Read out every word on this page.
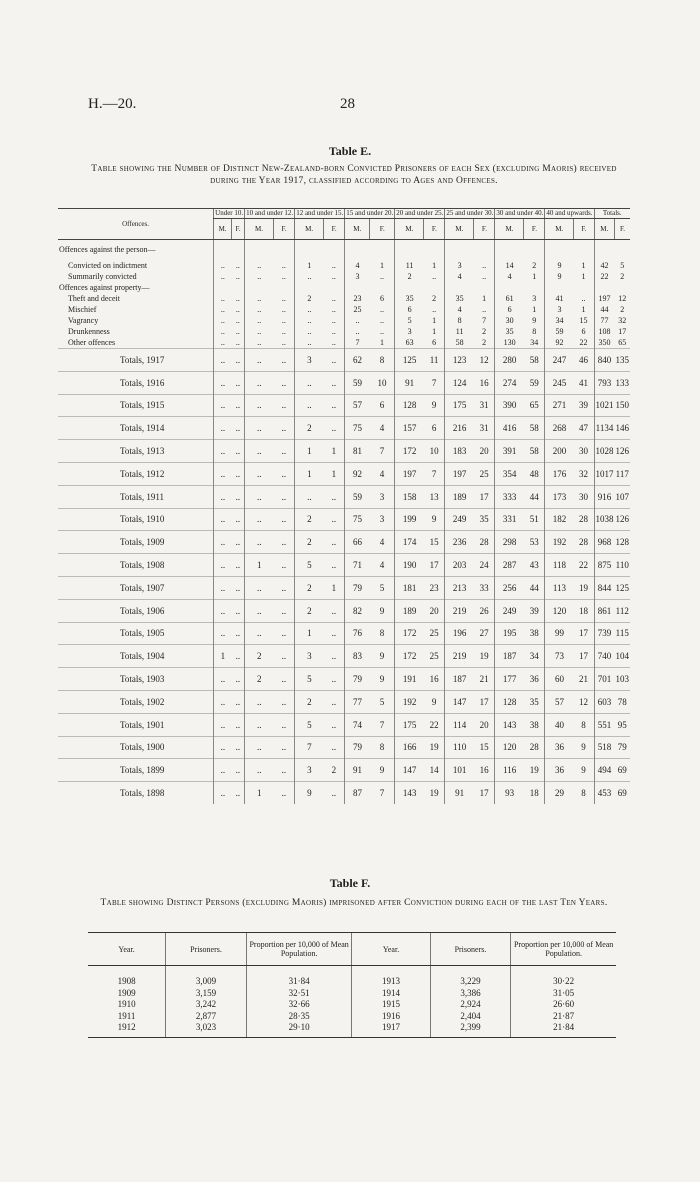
H.—20.	28
Table E.
Table showing the Number of Distinct New-Zealand-born Convicted Prisoners of each Sex (excluding Maoris) received during the Year 1917, classified according to Ages and Offences.
Offences.	Under 10.		10 and under 12.		12 and under 15.		15 and under 20.		20 and under 25.		25 and under 30.		30 and under 40.		40 and upwards.		Totals.	
	M.	F.	M.	F.	M.	F.	M.	F.	M.	F.	M.	F.	M.	F.	M.	F.	M.	F.
Offences against the person—																		
Convicted on indictment	..	..	..	..	1	..	4	1	11	1	3	..	14	2	9	1	42	5
Summarily convicted	..	..	..	..	..	..	3	..	2	..	4	..	4	1	9	1	22	2
Offences against property—																		
Theft and deceit	..	..	..	..	2	..	23	6	35	2	35	1	61	3	41	..	197	12
Mischief	..	..	..	..	..	..	25	..	6	..	4	..	6	1	3	1	44	2
Vagrancy	..	..	..	..	..	..	..	..	5	1	8	7	30	9	34	15	77	32
Drunkenness	..	..	..	..	..	..	..	..	3	1	11	2	35	8	59	6	108	17
Other offences	..	..	..	..	..	..	7	1	63	6	58	2	130	34	92	22	350	65
Totals, 1917	..	..	..	..	3	..	62	8	125	11	123	12	280	58	247	46	840	135
Totals, 1916	..	..	..	..	..	..	59	10	91	7	124	16	274	59	245	41	793	133
Totals, 1915	..	..	..	..	..	..	57	6	128	9	175	31	390	65	271	39	1021	150
Totals, 1914	..	..	..	..	2	..	75	4	157	6	216	31	416	58	268	47	1134	146
Totals, 1913	..	..	..	..	1	1	81	7	172	10	183	20	391	58	200	30	1028	126
Totals, 1912	..	..	..	..	1	1	92	4	197	7	197	25	354	48	176	32	1017	117
Totals, 1911	..	..	..	..	..	..	59	3	158	13	189	17	333	44	173	30	916	107
Totals, 1910	..	..	..	..	2	..	75	3	199	9	249	35	331	51	182	28	1038	126
Totals, 1909	..	..	..	..	2	..	66	4	174	15	236	28	298	53	192	28	968	128
Totals, 1908	..	..	1	..	5	..	71	4	190	17	203	24	287	43	118	22	875	110
Totals, 1907	..	..	..	..	2	1	79	5	181	23	213	33	256	44	113	19	844	125
Totals, 1906	..	..	..	..	2	..	82	9	189	20	219	26	249	39	120	18	861	112
Totals, 1905	..	..	..	..	1	..	76	8	172	25	196	27	195	38	99	17	739	115
Totals, 1904	1	..	2	..	3	..	83	9	172	25	219	19	187	34	73	17	740	104
Totals, 1903	..	..	2	..	5	..	79	9	191	16	187	21	177	36	60	21	701	103
Totals, 1902	..	..	..	..	2	..	77	5	192	9	147	17	128	35	57	12	603	78
Totals, 1901	..	..	..	..	5	..	74	7	175	22	114	20	143	38	40	8	551	95
Totals, 1900	..	..	..	..	7	..	79	8	166	19	110	15	120	28	36	9	518	79
Totals, 1899	..	..	..	..	3	2	91	9	147	14	101	16	116	19	36	9	494	69
Totals, 1898	..	..	1	..	9	..	87	7	143	19	91	17	93	18	29	8	453	69
Table F.
Table showing Distinct Persons (excluding Maoris) imprisoned after Conviction during each of the last Ten Years.
Year.	Prisoners.	Proportion per 10,000 of Mean Population.	Year.	Prisoners.	Proportion per 10,000 of Mean Population.
1908	3,009	31·84	1913	3,229	30·22
1909	3,159	32·51	1914	3,386	31·05
1910	3,242	32·66	1915	2,924	26·60
1911	2,877	28·35	1916	2,404	21·87
1912	3,023	29·10	1917	2,399	21·84
